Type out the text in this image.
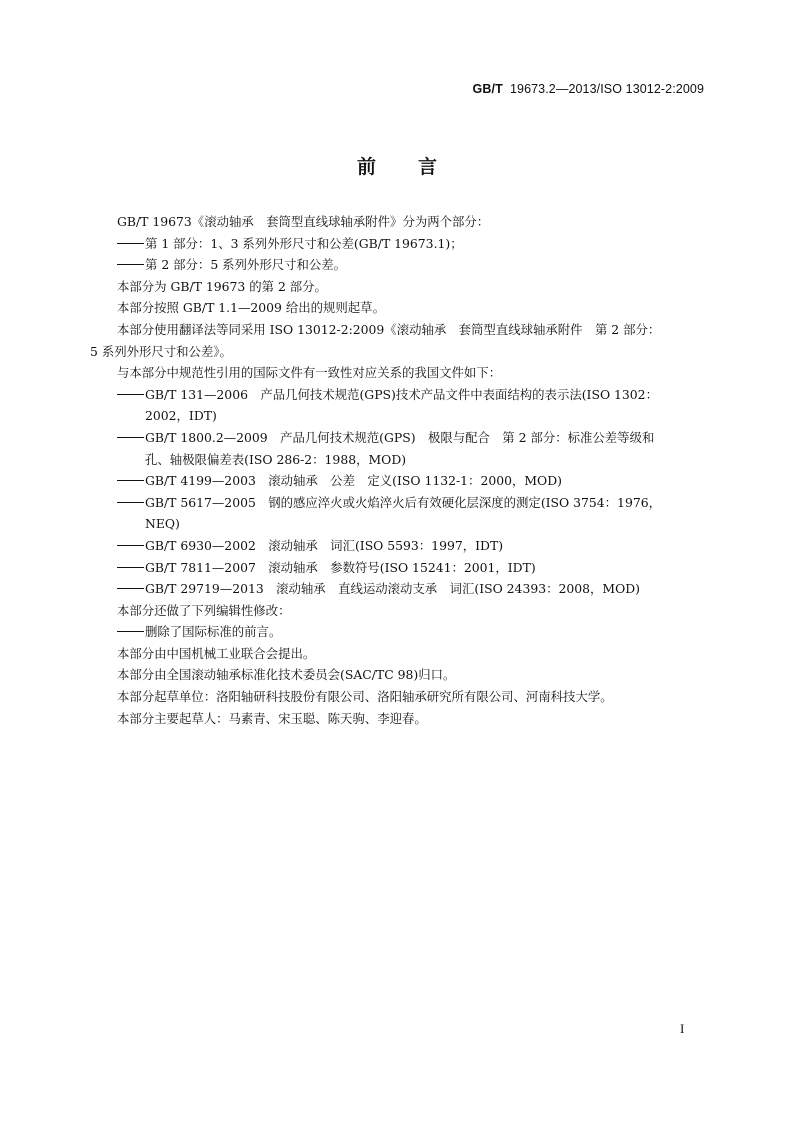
GB/T 19673.2—2013/ISO 13012-2:2009
前言

GB/T 19673《滚动轴承　套筒型直线球轴承附件》分为两个部分：

第 1 部分：1、3 系列外形尺寸和公差(GB/T 19673.1)；

第 2 部分：5 系列外形尺寸和公差。

本部分为 GB/T 19673 的第 2 部分。

本部分按照 GB/T 1.1—2009 给出的规则起草。

本部分使用翻译法等同采用 ISO 13012-2:2009《滚动轴承　套筒型直线球轴承附件　第 2 部分：

5 系列外形尺寸和公差》。

与本部分中规范性引用的国际文件有一致性对应关系的我国文件如下：

GB/T 131—2006　产品几何技术规范(GPS)技术产品文件中表面结构的表示法(ISO 1302：

2002，IDT)

GB/T 1800.2—2009　产品几何技术规范(GPS)　极限与配合　第 2 部分：标准公差等级和

孔、轴极限偏差表(ISO 286-2：1988，MOD)

GB/T 4199—2003　滚动轴承　公差　定义(ISO 1132-1：2000，MOD)

GB/T 5617—2005　钢的感应淬火或火焰淬火后有效硬化层深度的测定(ISO 3754：1976，

NEQ)

GB/T 6930—2002　滚动轴承　词汇(ISO 5593：1997，IDT)

GB/T 7811—2007　滚动轴承　参数符号(ISO 15241：2001，IDT)

GB/T 29719—2013　滚动轴承　直线运动滚动支承　词汇(ISO 24393：2008，MOD)

本部分还做了下列编辑性修改：

删除了国际标准的前言。

本部分由中国机械工业联合会提出。

本部分由全国滚动轴承标准化技术委员会(SAC/TC 98)归口。

本部分起草单位：洛阳轴研科技股份有限公司、洛阳轴承研究所有限公司、河南科技大学。

本部分主要起草人：马素青、宋玉聪、陈天驹、李迎春。

I
